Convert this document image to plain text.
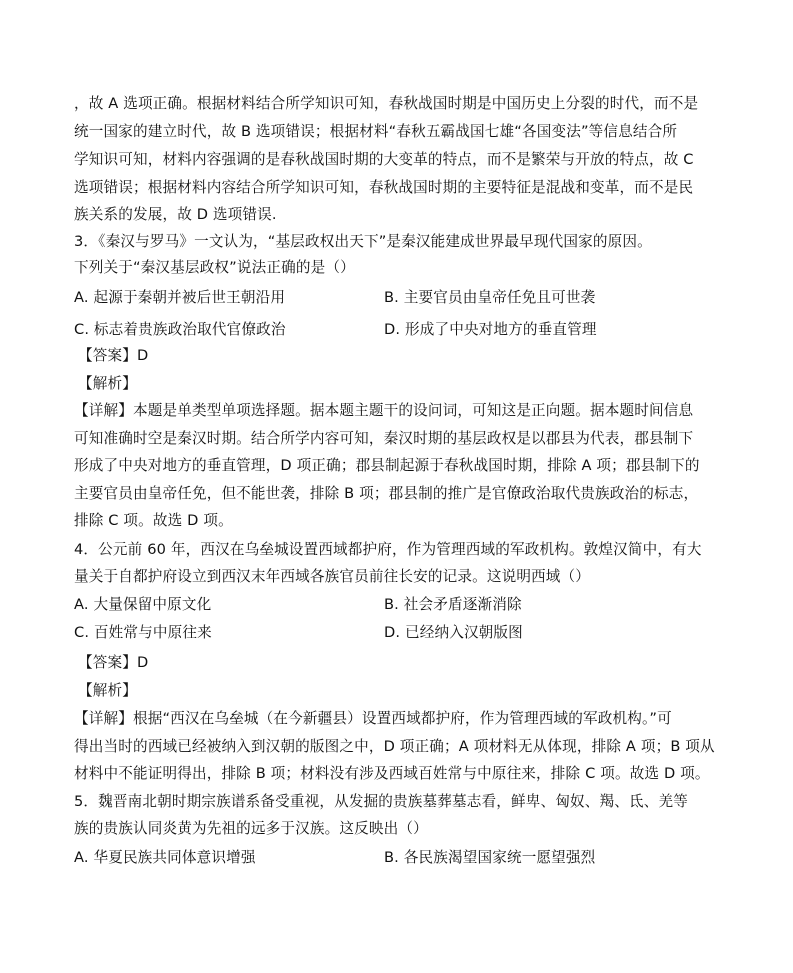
，故 A 选项正确。根据材料结合所学知识可知，春秋战国时期是中国历史上分裂的时代，而不是
统一国家的建立时代，故 B 选项错误；根据材料“春秋五霸战国七雄“各国变法”等信息结合所
学知识可知，材料内容强调的是春秋战国时期的大变革的特点，而不是繁荣与开放的特点，故 C
选项错误；根据材料内容结合所学知识可知，春秋战国时期的主要特征是混战和变革，而不是民
族关系的发展，故 D 选项错误.
3．《秦汉与罗马》一文认为，“基层政权出天下”是秦汉能建成世界最早现代国家的原因。
下列关于“秦汉基层政权”说法正确的是（）
A. 起源于秦朝并被后世王朝沿用	B. 主要官员由皇帝任免且可世袭
C. 标志着贵族政治取代官僚政治	D. 形成了中央对地方的垂直管理
【答案】D
【解析】
【详解】本题是单类型单项选择题。据本题主题干的设问词，可知这是正向题。据本题时间信息
可知准确时空是秦汉时期。结合所学内容可知，秦汉时期的基层政权是以郡县为代表，郡县制下
形成了中央对地方的垂直管理，D 项正确；郡县制起源于春秋战国时期，排除 A 项；郡县制下的
主要官员由皇帝任免，但不能世袭，排除 B 项；郡县制的推广是官僚政治取代贵族政治的标志，
排除 C 项。故选 D 项。
4．公元前 60 年，西汉在乌垒城设置西域都护府，作为管理西域的军政机构。敦煌汉简中，有大
量关于自都护府设立到西汉末年西域各族官员前往长安的记录。这说明西域（）
A. 大量保留中原文化	B. 社会矛盾逐渐消除
C. 百姓常与中原往来	D. 已经纳入汉朝版图
【答案】D
【解析】
【详解】根据“西汉在乌垒城（在今新疆县）设置西域都护府，作为管理西域的军政机构。”可
得出当时的西域已经被纳入到汉朝的版图之中，D 项正确；A 项材料无从体现，排除 A 项；B 项从
材料中不能证明得出，排除 B 项；材料没有涉及西域百姓常与中原往来，排除 C 项。故选 D 项。
5．魏晋南北朝时期宗族谱系备受重视，从发掘的贵族墓葬墓志看，鲜卑、匈奴、羯、氐、羌等
族的贵族认同炎黄为先祖的远多于汉族。这反映出（）
A. 华夏民族共同体意识增强	B. 各民族渴望国家统一愿望强烈
